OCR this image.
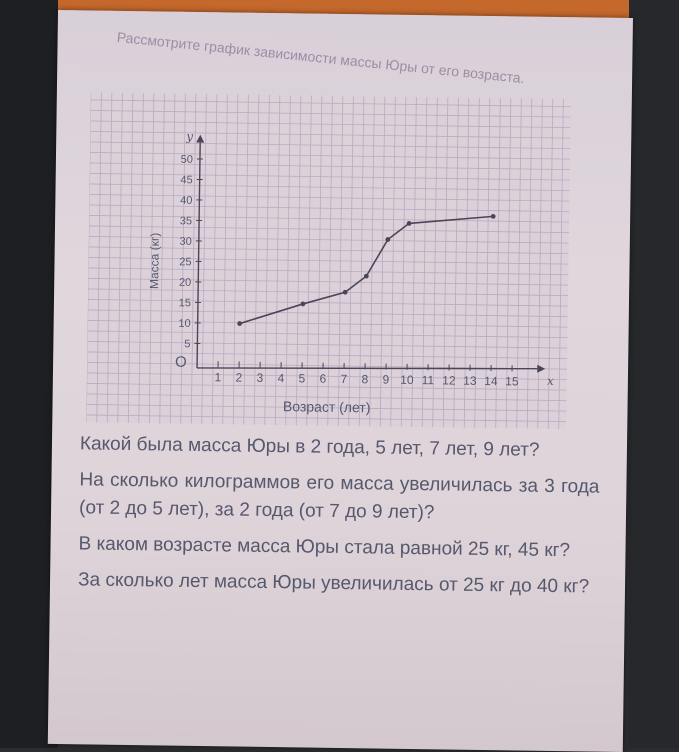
Рассмотрите график зависимости массы Юры от его возраста.

1 2 3 4 5 6 7 8 9 10 11 12 13 14 15
5
10
15
20
25
30
35
40
45
50
y
x
O
Масса (кг)
Возраст (лет)

Какой была масса Юры в 2 года, 5 лет, 7 лет, 9 лет?

На сколько килограммов его масса увеличилась за 3 года (от 2 до 5 лет), за 2 года (от 7 до 9 лет)?

В каком возрасте масса Юры стала равной 25 кг, 45 кг?

За сколько лет масса Юры увеличилась от 25 кг до 40 кг?
